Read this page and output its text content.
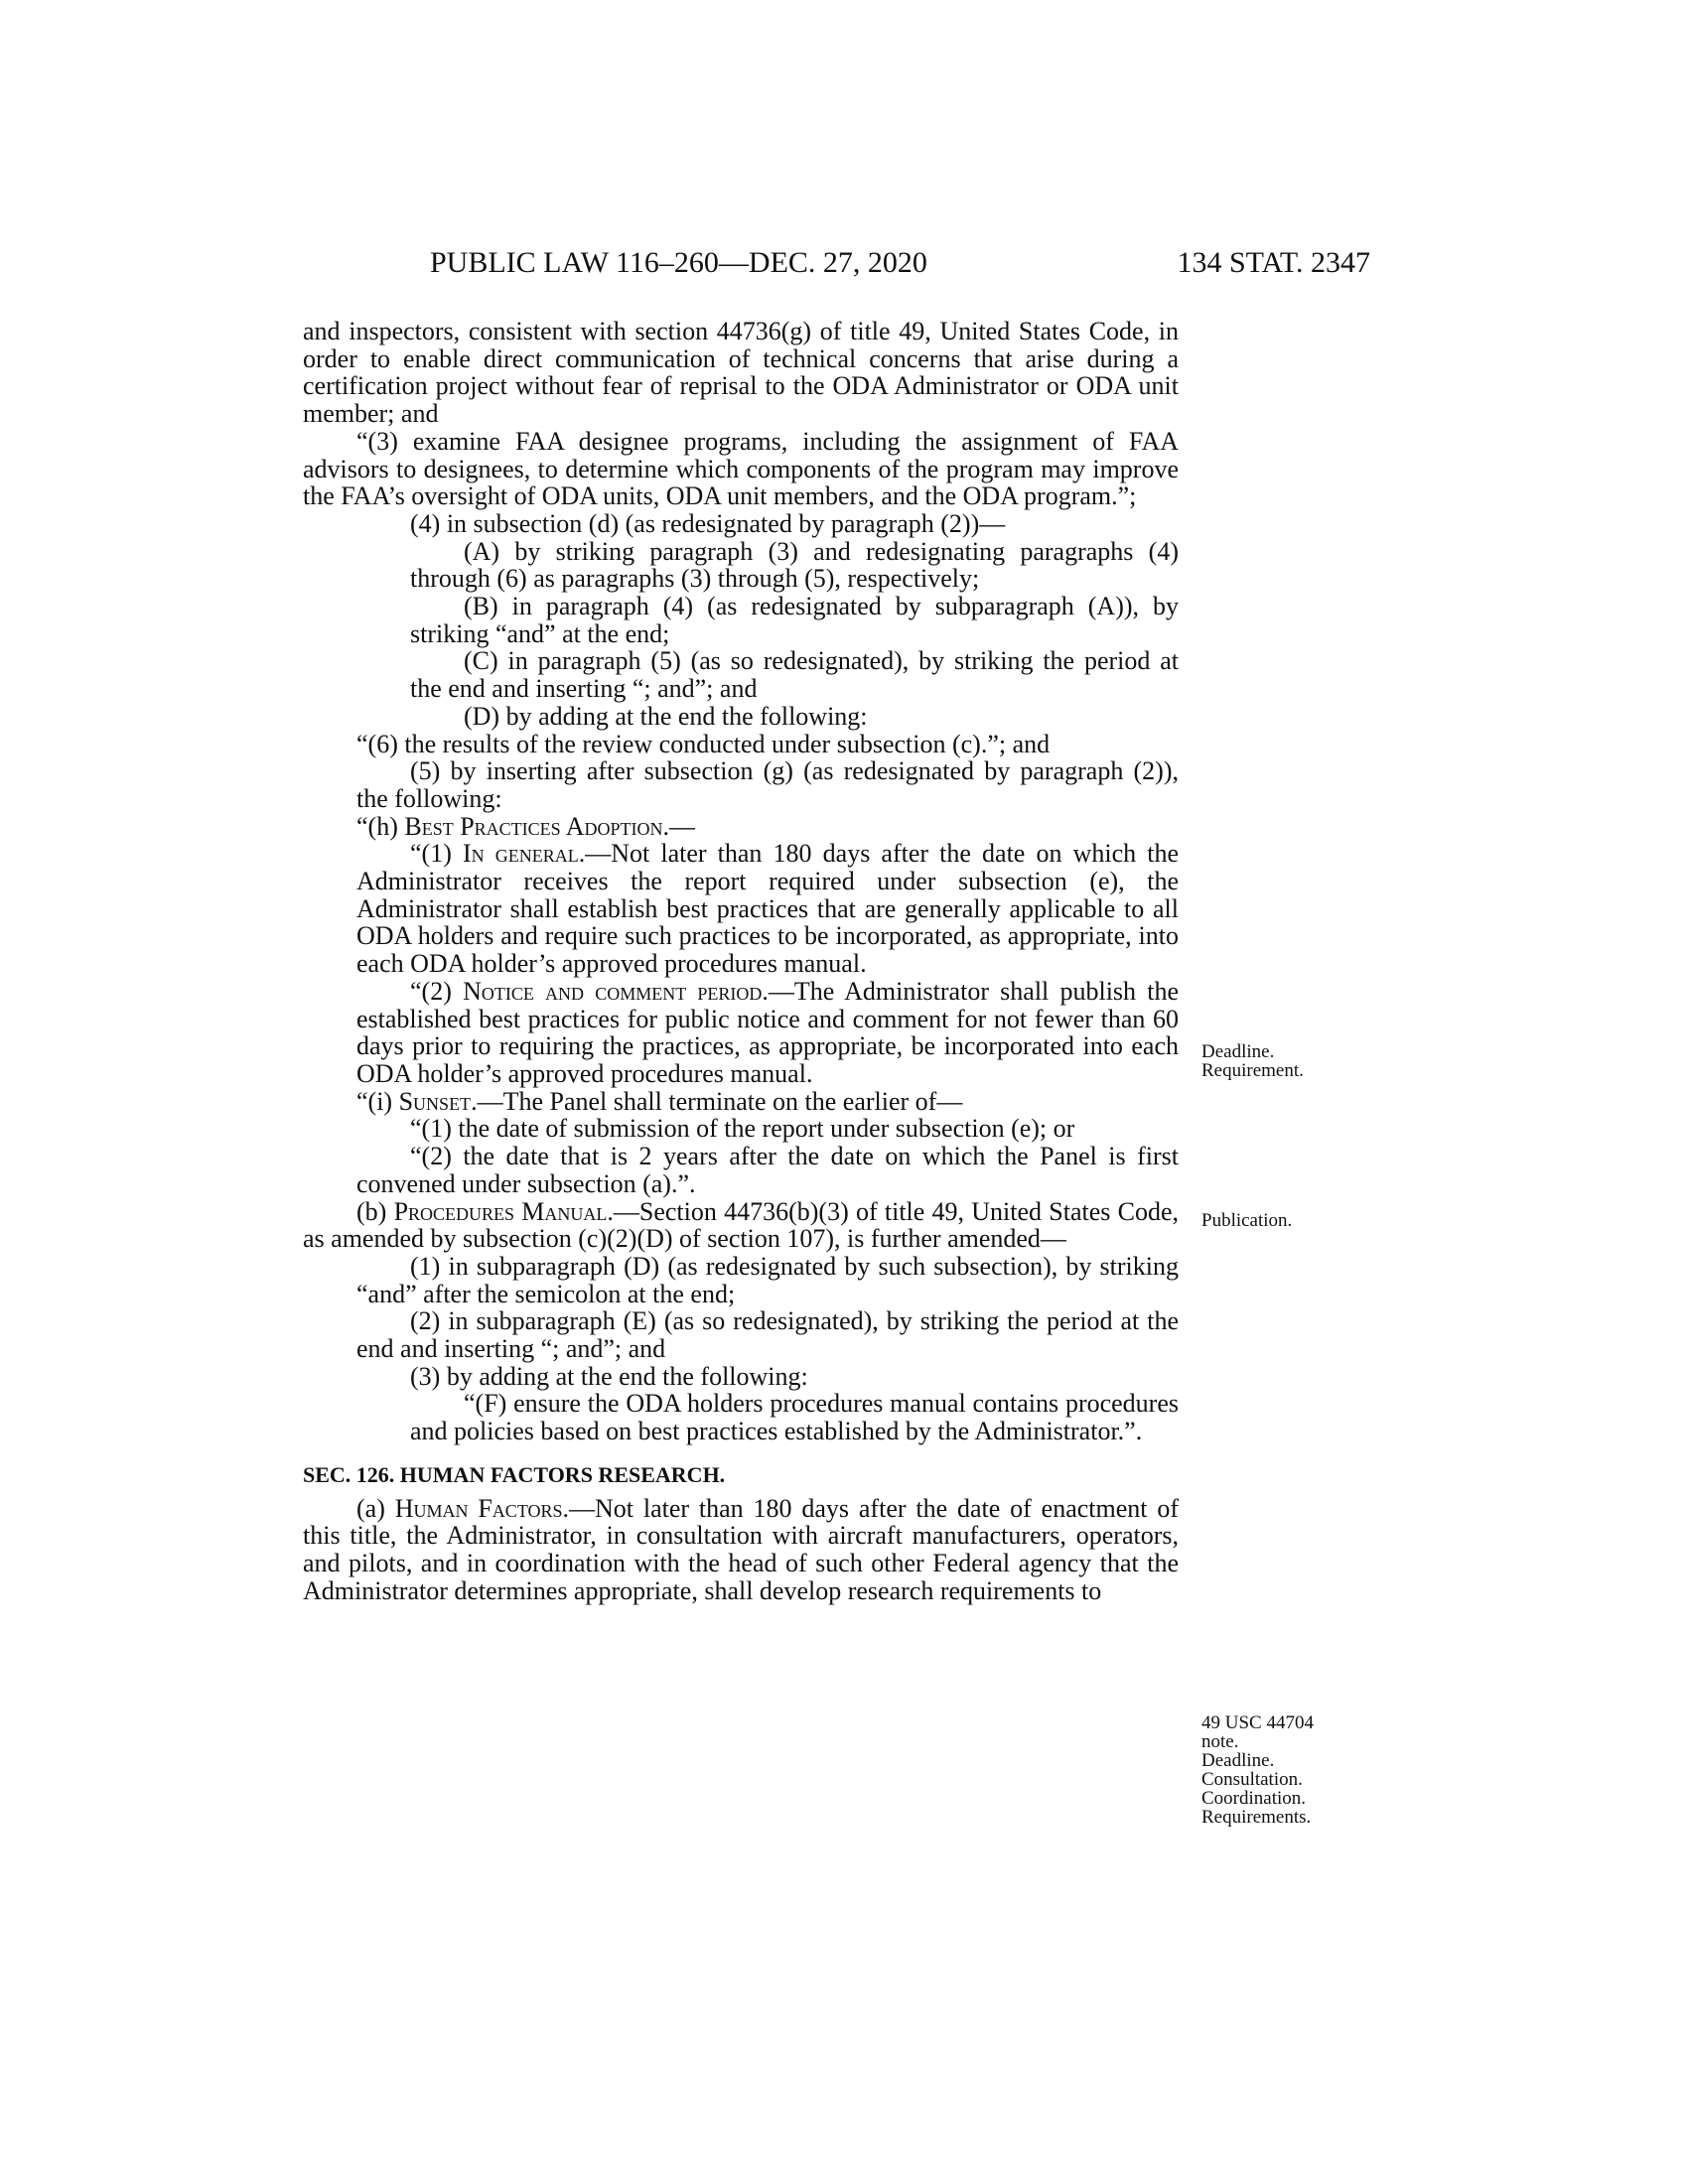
PUBLIC LAW 116–260—DEC. 27, 2020	134 STAT. 2347

and inspectors, consistent with section 44736(g) of title 49, United States Code, in order to enable direct communication of technical concerns that arise during a certification project without fear of reprisal to the ODA Administrator or ODA unit member; and

“(3) examine FAA designee programs, including the assignment of FAA advisors to designees, to determine which components of the program may improve the FAA’s oversight of ODA units, ODA unit members, and the ODA program.”;

(4) in subsection (d) (as redesignated by paragraph (2))—

(A) by striking paragraph (3) and redesignating paragraphs (4) through (6) as paragraphs (3) through (5), respectively;

(B) in paragraph (4) (as redesignated by subparagraph (A)), by striking “and” at the end;

(C) in paragraph (5) (as so redesignated), by striking the period at the end and inserting “; and”; and

(D) by adding at the end the following:

“(6) the results of the review conducted under subsection (c).”; and

(5) by inserting after subsection (g) (as redesignated by paragraph (2)), the following:

“(h) Best Practices Adoption.—

“(1) In general.—Not later than 180 days after the date on which the Administrator receives the report required under subsection (e), the Administrator shall establish best practices that are generally applicable to all ODA holders and require such practices to be incorporated, as appropriate, into each ODA holder’s approved procedures manual.

“(2) Notice and comment period.—The Administrator shall publish the established best practices for public notice and comment for not fewer than 60 days prior to requiring the practices, as appropriate, be incorporated into each ODA holder’s approved procedures manual.

“(i) Sunset.—The Panel shall terminate on the earlier of—

“(1) the date of submission of the report under subsection (e); or

“(2) the date that is 2 years after the date on which the Panel is first convened under subsection (a).”.

(b) Procedures Manual.—Section 44736(b)(3) of title 49, United States Code, as amended by subsection (c)(2)(D) of section 107), is further amended—

(1) in subparagraph (D) (as redesignated by such subsection), by striking “and” after the semicolon at the end;

(2) in subparagraph (E) (as so redesignated), by striking the period at the end and inserting “; and”; and

(3) by adding at the end the following:

“(F) ensure the ODA holders procedures manual contains procedures and policies based on best practices established by the Administrator.”.

SEC. 126. HUMAN FACTORS RESEARCH.

(a) Human Factors.—Not later than 180 days after the date of enactment of this title, the Administrator, in consultation with aircraft manufacturers, operators, and pilots, and in coordination with the head of such other Federal agency that the Administrator determines appropriate, shall develop research requirements to

Deadline.
Requirement.
Publication.
49 USC 44704
note.
Deadline.
Consultation.
Coordination.
Requirements.
